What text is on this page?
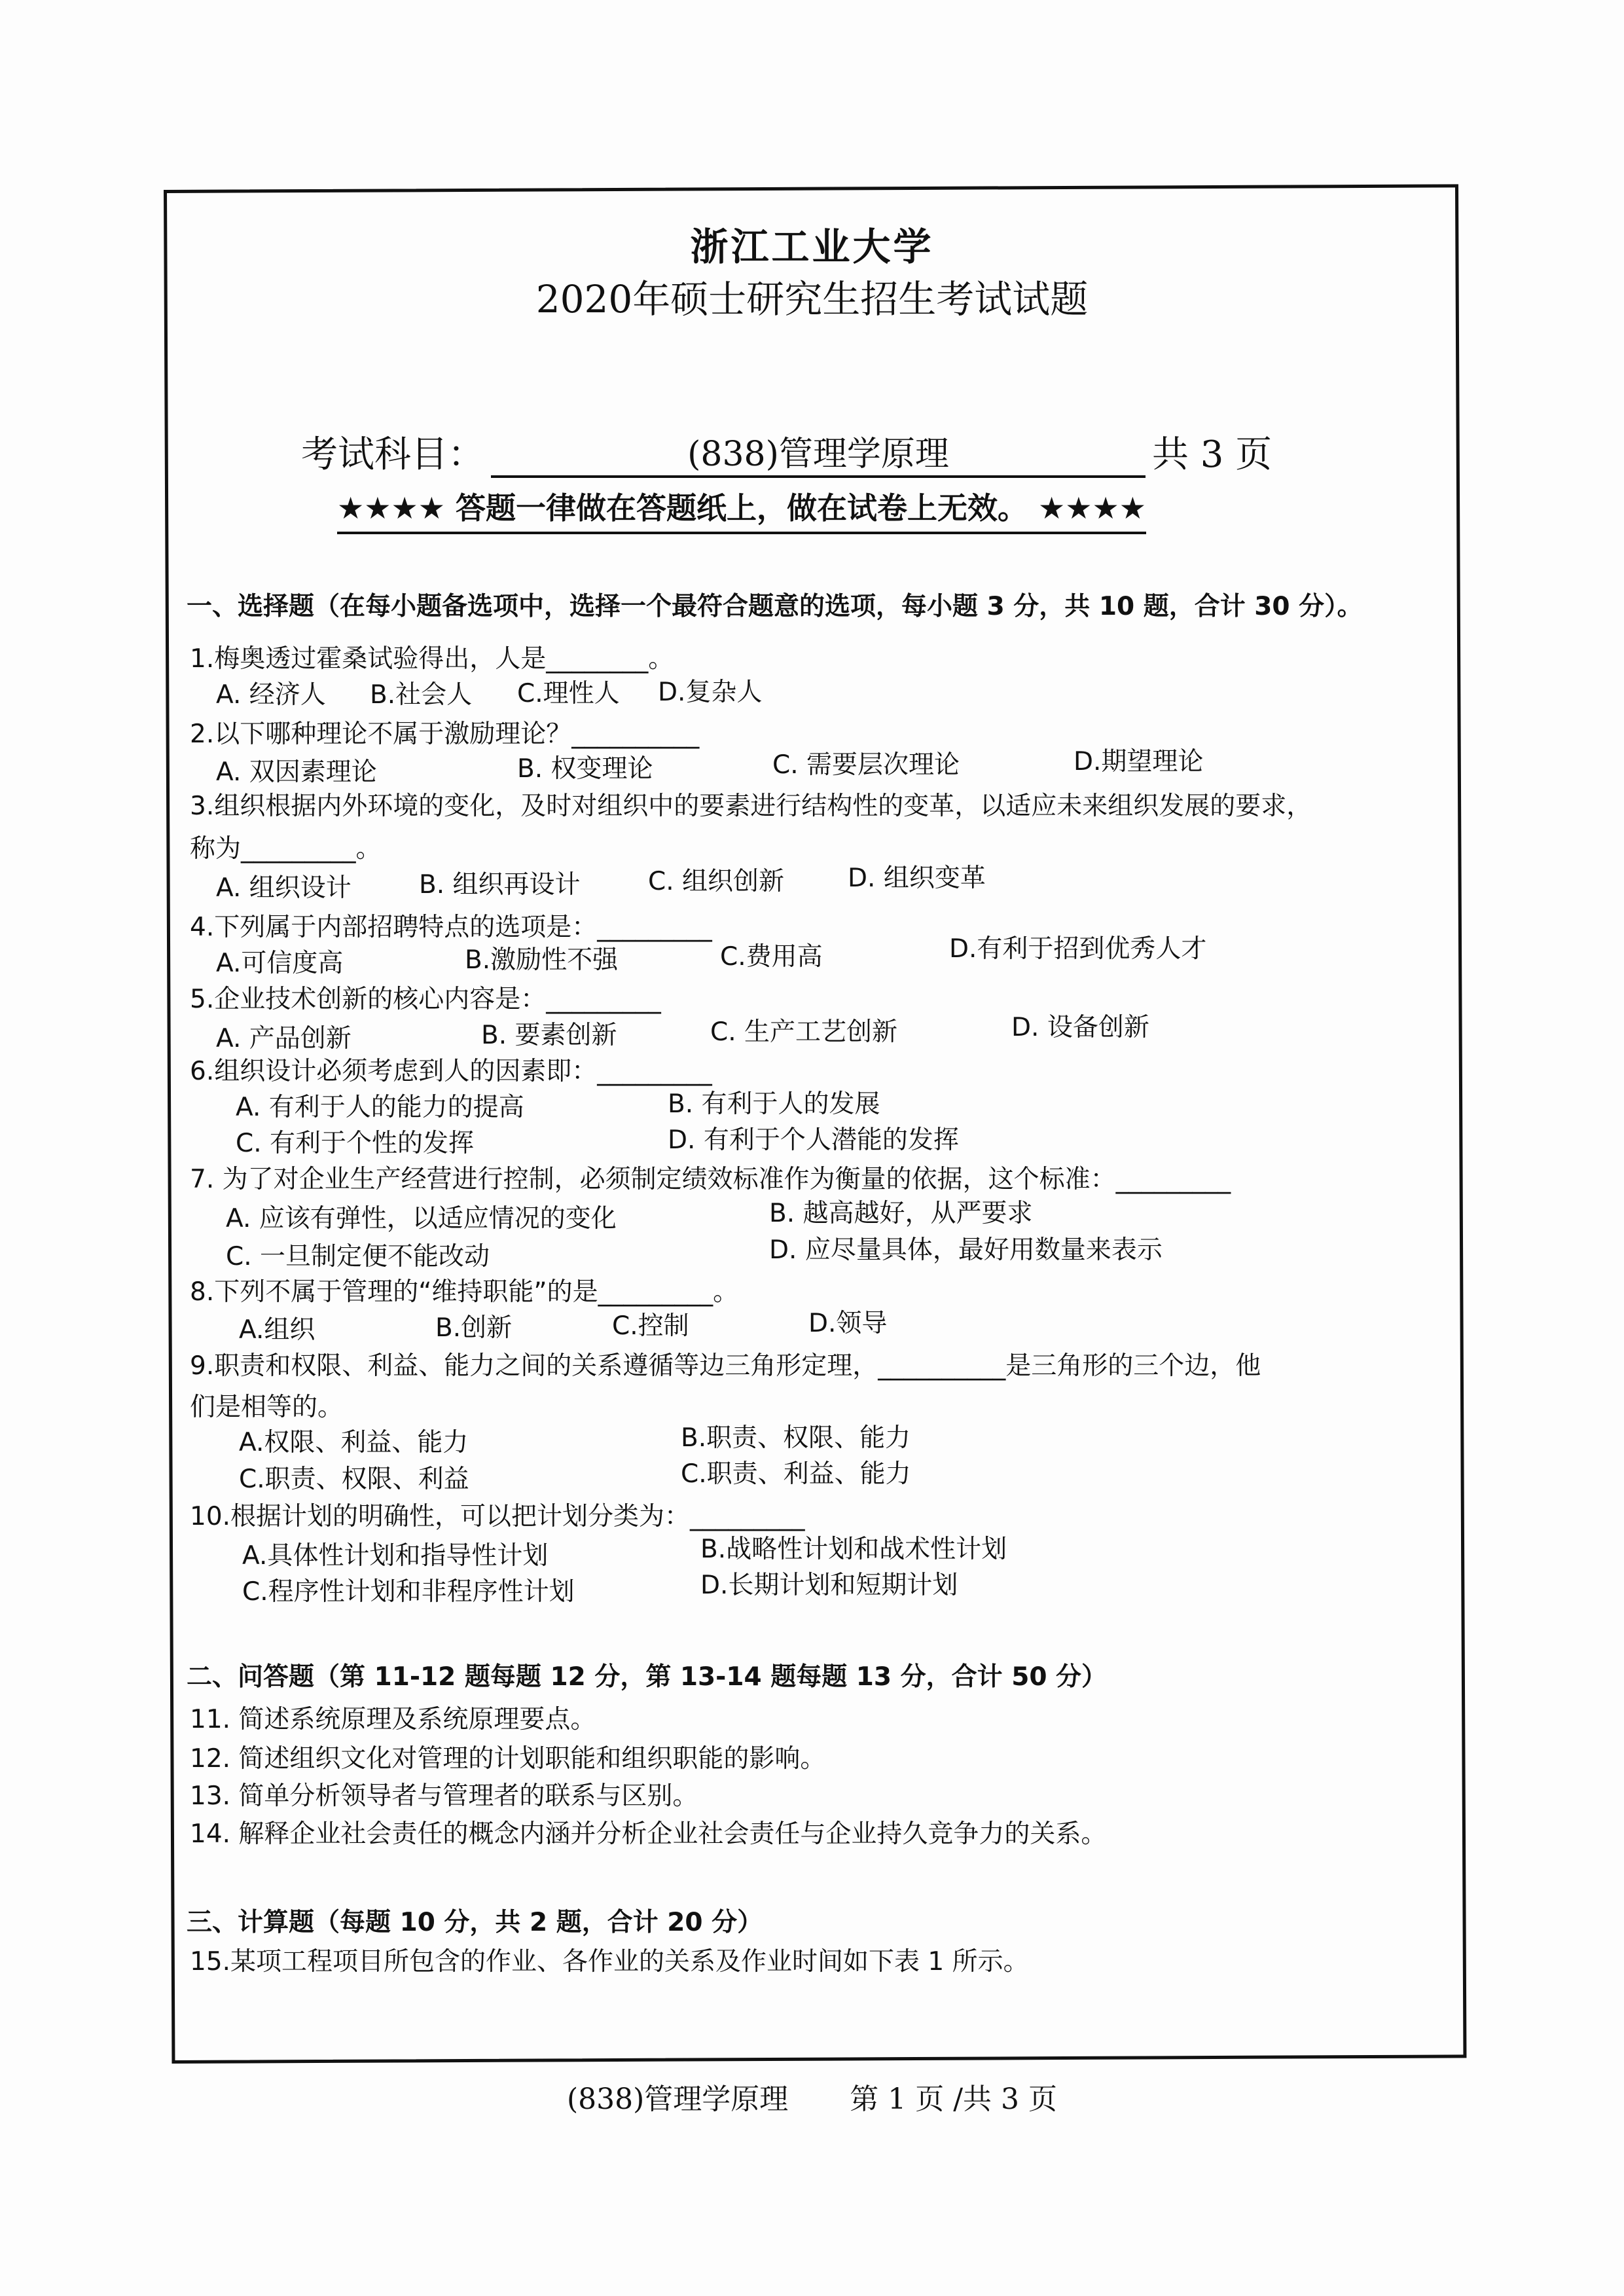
浙江工业大学
2020年硕士研究生招生考试试题
考试科目：	(838)管理学原理	共 3 页
★★★★ 答题一律做在答题纸上，做在试卷上无效。 ★★★★
一、选择题（在每小题备选项中，选择一个最符合题意的选项，每小题 3 分，共 10 题，合计 30 分）。
1.梅奥透过霍桑试验得出，人是________。
A. 经济人 B.社会人 C.理性人 D.复杂人
2.以下哪种理论不属于激励理论？__________
A. 双因素理论	B. 权变理论	C. 需要层次理论	D.期望理论
3.组织根据内外环境的变化，及时对组织中的要素进行结构性的变革，以适应未来组织发展的要求，
称为_________。
A. 组织设计	B. 组织再设计	C. 组织创新 D. 组织变革
4.下列属于内部招聘特点的选项是：_________
A.可信度高	B.激励性不强	C.费用高	D.有利于招到优秀人才
5.企业技术创新的核心内容是：_________
A. 产品创新	B. 要素创新	C. 生产工艺创新	D. 设备创新
6.组织设计必须考虑到人的因素即：_________
A. 有利于人的能力的提高	B. 有利于人的发展
C. 有利于个性的发挥	D. 有利于个人潜能的发挥
7. 为了对企业生产经营进行控制，必须制定绩效标准作为衡量的依据，这个标准：_________
A. 应该有弹性，以适应情况的变化	B. 越高越好，从严要求
C. 一旦制定便不能改动	D. 应尽量具体，最好用数量来表示
8.下列不属于管理的“维持职能”的是_________。
A.组织	B.创新	C.控制	D.领导
9.职责和权限、利益、能力之间的关系遵循等边三角形定理，__________是三角形的三个边，他
们是相等的。
A.权限、利益、能力	B.职责、权限、能力
C.职责、权限、利益	C.职责、利益、能力
10.根据计划的明确性，可以把计划分类为：_________
A.具体性计划和指导性计划	B.战略性计划和战术性计划
C.程序性计划和非程序性计划	D.长期计划和短期计划
二、问答题（第 11-12 题每题 12 分，第 13-14 题每题 13 分，合计 50 分）
11. 简述系统原理及系统原理要点。
12. 简述组织文化对管理的计划职能和组织职能的影响。
13. 简单分析领导者与管理者的联系与区别。
14. 解释企业社会责任的概念内涵并分析企业社会责任与企业持久竞争力的关系。
三、计算题（每题 10 分，共 2 题，合计 20 分）
15.某项工程项目所包含的作业、各作业的关系及作业时间如下表 1 所示。
(838)管理学原理 第 1 页 /共 3 页
